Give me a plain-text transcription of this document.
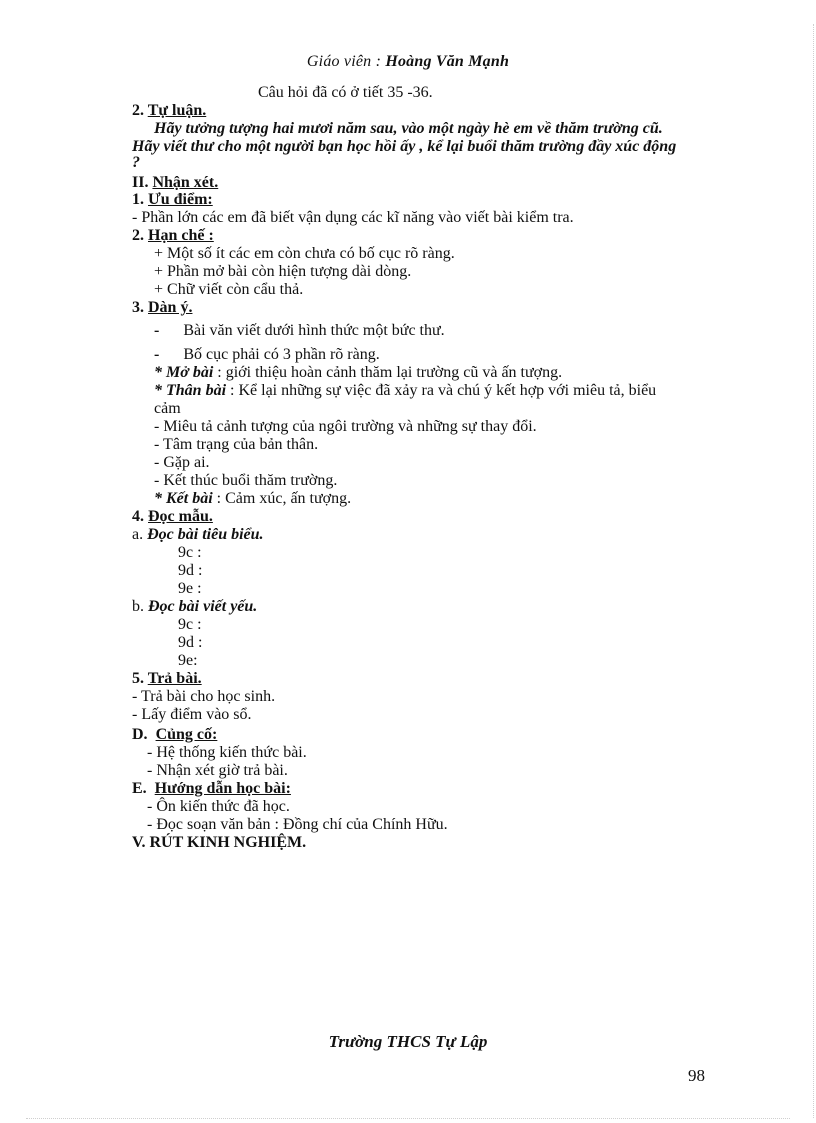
Giáo viên : Hoàng Văn Mạnh
Câu hỏi đã có ở tiết 35 -36.
2. Tự luận.
Hãy tưởng tượng hai mươi năm sau, vào một ngày hè em về thăm trường cũ.
Hãy viết thư cho một người bạn học hồi ấy , kể lại buổi thăm trường đầy xúc động
?
II. Nhận xét.
1. Ưu điểm:
- Phần lớn các em đã biết vận dụng các kĩ năng vào viết bài kiểm tra.
2. Hạn chế :
+ Một số ít các em còn chưa có bố cục rõ ràng.
+ Phần mở bài còn hiện tượng dài dòng.
+ Chữ viết còn cẩu thả.
3. Dàn ý.
- Bài văn viết dưới hình thức một bức thư.
- Bố cục phải có 3 phần rõ ràng.
* Mở bài : giới thiệu hoàn cảnh thăm lại trường cũ và ấn tượng.
* Thân bài : Kể lại những sự việc đã xảy ra và chú ý kết hợp với miêu tả, biểu
cảm
- Miêu tả cảnh tượng của ngôi trường và những sự thay đổi.
- Tâm trạng của bản thân.
- Gặp ai.
- Kết thúc buổi thăm trường.
* Kết bài : Cảm xúc, ấn tượng.
4. Đọc mẫu.
a. Đọc bài tiêu biểu.
9c :
9d :
9e :
b. Đọc bài viết yếu.
9c :
9d :
9e:
5. Trả bài.
- Trả bài cho học sinh.
- Lấy điểm vào sổ.
D. Củng cố:
- Hệ thống kiến thức bài.
- Nhận xét giờ trả bài.
E. Hướng dẫn học bài:
- Ôn kiến thức đã học.
- Đọc soạn văn bản : Đồng chí của Chính Hữu.
V. RÚT KINH NGHIỆM.
Trường THCS Tự Lập
98
